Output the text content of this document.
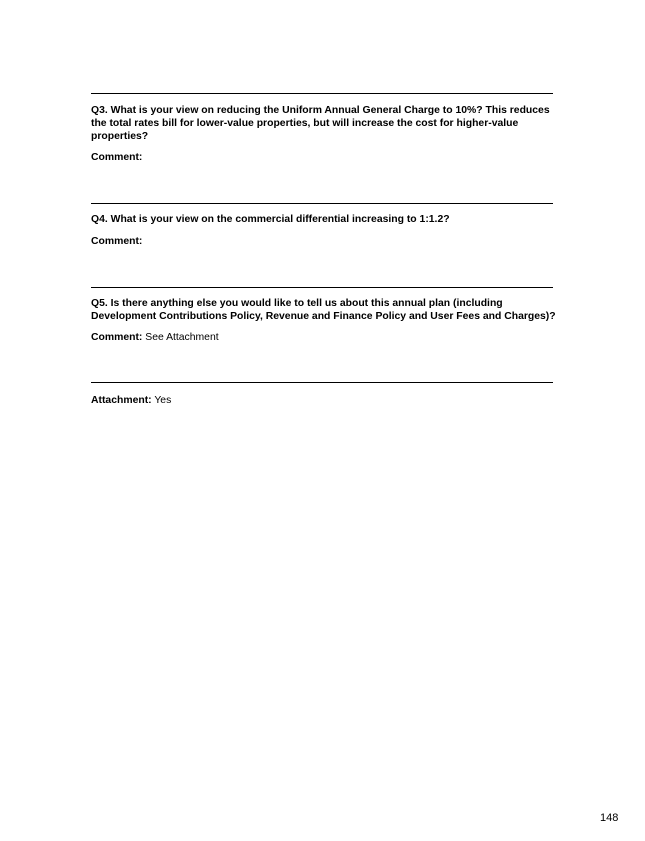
Q3. What is your view on reducing the Uniform Annual General Charge to 10%? This reduces the total rates bill for lower-value properties, but will increase the cost for higher-value properties?

Comment:

Q4. What is your view on the commercial differential increasing to 1:1.2?

Comment:

Q5. Is there anything else you would like to tell us about this annual plan (including Development Contributions Policy, Revenue and Finance Policy and User Fees and Charges)?

Comment: See Attachment

Attachment: Yes

148
